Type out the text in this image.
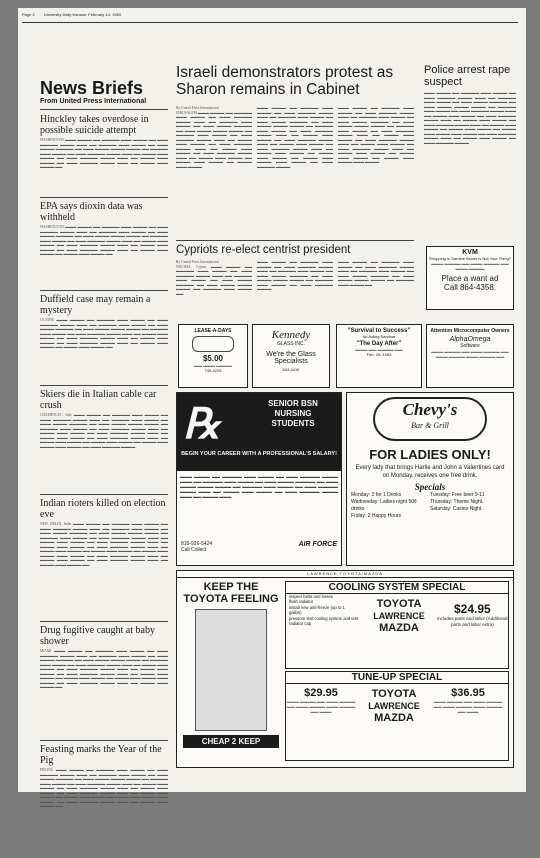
Page 2 University Daily Kansan, February 14, 1983
News Briefs
From United Press International
Hinckley takes overdose in possible suicide attempt
WASHINGTON ▬▬▬ ▬▬▬▬ ▬▬ ▬▬▬▬▬ ▬▬▬ ▬▬▬▬ ▬▬ ▬▬▬ ▬▬▬▬▬ ▬▬▬▬ ▬▬▬ ▬▬ ▬▬▬▬▬ ▬▬▬ ▬▬▬▬ ▬▬ ▬▬▬ ▬▬▬▬ ▬▬▬▬▬ ▬▬ ▬▬▬ ▬▬▬▬ ▬▬▬▬ ▬▬▬▬ ▬▬ ▬▬▬▬▬ ▬▬▬ ▬▬▬▬ ▬▬ ▬▬▬ ▬▬▬▬▬ ▬▬▬▬ ▬▬▬ ▬▬ ▬▬▬▬ ▬▬▬ ▬▬▬▬ ▬▬ ▬▬▬ ▬▬▬▬▬ ▬▬▬▬ ▬▬▬ ▬▬ ▬▬▬▬ ▬▬▬ ▬▬▬▬ ▬▬ ▬▬▬ ▬▬▬▬▬ ▬▬▬▬ ▬▬▬ ▬▬ ▬▬▬▬ ▬▬▬ ▬▬▬▬ ▬▬
EPA says dioxin data was withheld
WASHINGTON ▬▬▬ ▬▬▬▬ ▬▬ ▬▬▬▬▬ ▬▬▬ ▬▬▬▬ ▬▬ ▬▬▬ ▬▬▬▬▬ ▬▬▬▬ ▬▬▬ ▬▬ ▬▬▬▬▬ ▬▬▬ ▬▬▬▬ ▬▬ ▬▬▬ ▬▬▬▬ ▬▬▬▬▬ ▬▬ ▬▬▬ ▬▬▬▬ ▬▬▬▬ ▬▬▬▬ ▬▬ ▬▬▬▬▬ ▬▬▬ ▬▬▬▬ ▬▬ ▬▬▬ ▬▬▬▬▬ ▬▬▬▬ ▬▬▬ ▬▬ ▬▬▬▬ ▬▬▬ ▬▬▬▬ ▬▬ ▬▬▬ ▬▬▬▬▬ ▬▬▬▬ ▬▬▬ ▬▬ ▬▬▬▬ ▬▬▬ ▬▬▬▬ ▬▬ ▬▬▬ ▬▬▬▬▬ ▬▬▬▬ ▬▬▬ ▬▬ ▬▬▬▬ ▬▬▬ ▬▬▬▬ ▬▬ ▬▬▬▬ ▬▬▬ ▬▬▬▬ ▬▬
Duffield case may remain a mystery
OLATHE ▬▬▬ ▬▬▬▬ ▬▬ ▬▬▬▬▬ ▬▬▬ ▬▬▬▬ ▬▬ ▬▬▬ ▬▬▬▬▬ ▬▬▬▬ ▬▬▬ ▬▬ ▬▬▬▬▬ ▬▬▬ ▬▬▬▬ ▬▬ ▬▬▬ ▬▬▬▬ ▬▬▬▬▬ ▬▬ ▬▬▬ ▬▬▬▬ ▬▬▬▬ ▬▬▬▬ ▬▬ ▬▬▬▬▬ ▬▬▬ ▬▬▬▬ ▬▬ ▬▬▬ ▬▬▬▬▬ ▬▬▬▬ ▬▬▬ ▬▬ ▬▬▬▬ ▬▬▬ ▬▬▬▬ ▬▬ ▬▬▬ ▬▬▬▬▬ ▬▬▬▬ ▬▬▬ ▬▬ ▬▬▬▬ ▬▬▬ ▬▬▬▬ ▬▬ ▬▬▬ ▬▬▬▬▬ ▬▬▬▬ ▬▬▬ ▬▬ ▬▬▬▬ ▬▬▬ ▬▬▬▬ ▬▬ ▬▬▬▬ ▬▬▬ ▬▬▬▬ ▬▬
Skiers die in Italian cable car crush
CHAMPOLUC, Italy ▬▬▬ ▬▬▬▬ ▬▬ ▬▬▬▬▬ ▬▬▬ ▬▬▬▬ ▬▬ ▬▬▬ ▬▬▬▬▬ ▬▬▬▬ ▬▬▬ ▬▬ ▬▬▬▬▬ ▬▬▬ ▬▬▬▬ ▬▬ ▬▬▬ ▬▬▬▬ ▬▬▬▬▬ ▬▬ ▬▬▬ ▬▬▬▬ ▬▬▬▬ ▬▬▬▬ ▬▬ ▬▬▬▬▬ ▬▬▬ ▬▬▬▬ ▬▬ ▬▬▬ ▬▬▬▬▬ ▬▬▬▬ ▬▬▬ ▬▬ ▬▬▬▬ ▬▬▬ ▬▬▬▬ ▬▬ ▬▬▬ ▬▬▬▬▬ ▬▬▬▬ ▬▬▬ ▬▬ ▬▬▬▬ ▬▬▬ ▬▬▬▬ ▬▬ ▬▬▬ ▬▬▬▬▬ ▬▬▬▬ ▬▬▬ ▬▬ ▬▬▬▬ ▬▬▬ ▬▬▬▬ ▬▬ ▬▬▬▬ ▬▬▬ ▬▬▬▬ ▬▬ ▬▬▬▬ ▬▬▬ ▬▬▬▬ ▬▬▬ ▬▬▬▬ ▬▬ ▬▬▬ ▬▬▬▬▬ ▬▬▬▬
Indian rioters killed on election eve
NEW DELHI, India ▬▬▬ ▬▬▬▬ ▬▬ ▬▬▬▬▬ ▬▬▬ ▬▬▬▬ ▬▬ ▬▬▬ ▬▬▬▬▬ ▬▬▬▬ ▬▬▬ ▬▬ ▬▬▬▬▬ ▬▬▬ ▬▬▬▬ ▬▬ ▬▬▬ ▬▬▬▬ ▬▬▬▬▬ ▬▬ ▬▬▬ ▬▬▬▬ ▬▬▬▬ ▬▬▬▬ ▬▬ ▬▬▬▬▬ ▬▬▬ ▬▬▬▬ ▬▬ ▬▬▬ ▬▬▬▬▬ ▬▬▬▬ ▬▬▬ ▬▬ ▬▬▬▬ ▬▬▬ ▬▬▬▬ ▬▬ ▬▬▬ ▬▬▬▬▬ ▬▬▬▬ ▬▬▬ ▬▬ ▬▬▬▬ ▬▬▬ ▬▬▬▬ ▬▬ ▬▬▬ ▬▬▬▬▬ ▬▬▬▬ ▬▬▬ ▬▬ ▬▬▬▬ ▬▬▬ ▬▬▬▬ ▬▬ ▬▬▬▬ ▬▬▬ ▬▬▬▬ ▬▬ ▬▬▬▬ ▬▬▬ ▬▬▬▬ ▬▬▬ ▬▬▬▬ ▬▬ ▬▬▬ ▬▬▬▬▬ ▬▬▬▬ ▬▬▬ ▬▬ ▬▬▬▬ ▬▬▬ ▬▬▬▬ ▬▬ ▬▬▬ ▬▬▬▬▬ ▬▬▬▬ ▬▬▬ ▬▬ ▬▬▬▬ ▬▬▬ ▬▬▬▬ ▬▬
Drug fugitive caught at baby shower
MIAMI ▬▬▬ ▬▬▬▬ ▬▬ ▬▬▬▬▬ ▬▬▬ ▬▬▬▬ ▬▬ ▬▬▬ ▬▬▬▬▬ ▬▬▬▬ ▬▬▬ ▬▬ ▬▬▬▬▬ ▬▬▬ ▬▬▬▬ ▬▬ ▬▬▬ ▬▬▬▬ ▬▬▬▬▬ ▬▬ ▬▬▬ ▬▬▬▬ ▬▬▬▬ ▬▬▬▬ ▬▬ ▬▬▬▬▬ ▬▬▬ ▬▬▬▬ ▬▬ ▬▬▬ ▬▬▬▬▬ ▬▬▬▬ ▬▬▬ ▬▬ ▬▬▬▬ ▬▬▬ ▬▬▬▬ ▬▬ ▬▬▬ ▬▬▬▬▬ ▬▬▬▬ ▬▬▬ ▬▬ ▬▬▬▬ ▬▬▬ ▬▬▬▬ ▬▬ ▬▬▬ ▬▬▬▬▬ ▬▬▬▬ ▬▬▬ ▬▬ ▬▬▬▬ ▬▬▬ ▬▬▬▬ ▬▬ ▬▬▬▬ ▬▬▬ ▬▬▬▬ ▬▬ ▬▬▬▬ ▬▬▬ ▬▬▬▬ ▬▬▬ ▬▬▬▬ ▬▬ ▬▬▬ ▬▬▬▬▬ ▬▬▬▬ ▬▬▬ ▬▬ ▬▬▬▬ ▬▬▬ ▬▬▬▬ ▬▬
Feasting marks the Year of the Pig
PEKING ▬▬▬ ▬▬▬▬ ▬▬ ▬▬▬▬▬ ▬▬▬ ▬▬▬▬ ▬▬ ▬▬▬ ▬▬▬▬▬ ▬▬▬▬ ▬▬▬ ▬▬ ▬▬▬▬▬ ▬▬▬ ▬▬▬▬ ▬▬ ▬▬▬ ▬▬▬▬ ▬▬▬▬▬ ▬▬ ▬▬▬ ▬▬▬▬ ▬▬▬▬ ▬▬▬▬ ▬▬ ▬▬▬▬▬ ▬▬▬ ▬▬▬▬ ▬▬ ▬▬▬ ▬▬▬▬▬ ▬▬▬▬ ▬▬▬ ▬▬ ▬▬▬▬ ▬▬▬ ▬▬▬▬ ▬▬ ▬▬▬ ▬▬▬▬▬ ▬▬▬▬ ▬▬▬ ▬▬ ▬▬▬▬ ▬▬▬ ▬▬▬▬ ▬▬ ▬▬▬ ▬▬▬▬▬ ▬▬▬▬ ▬▬▬ ▬▬ ▬▬▬▬ ▬▬▬ ▬▬▬▬ ▬▬ ▬▬▬▬ ▬▬▬ ▬▬▬▬ ▬▬ ▬▬▬▬ ▬▬▬ ▬▬▬▬ ▬▬▬ ▬▬▬▬ ▬▬ ▬▬▬ ▬▬▬▬▬ ▬▬▬▬ ▬▬▬ ▬▬ ▬▬▬▬ ▬▬▬ ▬▬▬▬ ▬▬
Israeli demonstrators protest as Sharon remains in Cabinet
By United Press International
JERUSALEM ▬▬▬ ▬▬▬▬ ▬▬ ▬▬▬▬▬ ▬▬▬ ▬▬▬▬ ▬▬ ▬▬▬ ▬▬▬▬▬ ▬▬▬▬ ▬▬▬ ▬▬ ▬▬▬▬▬ ▬▬▬ ▬▬▬▬ ▬▬ ▬▬▬ ▬▬▬▬ ▬▬▬▬▬ ▬▬ ▬▬▬ ▬▬▬▬ ▬▬▬▬ ▬▬▬▬ ▬▬ ▬▬▬▬▬ ▬▬▬ ▬▬▬▬ ▬▬ ▬▬▬ ▬▬▬▬▬ ▬▬▬▬ ▬▬▬ ▬▬ ▬▬▬▬ ▬▬▬ ▬▬▬▬ ▬▬ ▬▬▬ ▬▬▬▬▬ ▬▬▬▬ ▬▬▬ ▬▬ ▬▬▬▬ ▬▬▬ ▬▬▬▬ ▬▬ ▬▬▬ ▬▬▬▬▬ ▬▬▬▬ ▬▬▬ ▬▬ ▬▬▬▬ ▬▬▬ ▬▬▬▬ ▬▬ ▬▬▬▬ ▬▬▬ ▬▬▬▬ ▬▬ ▬▬▬▬ ▬▬▬ ▬▬▬▬
▬▬▬ ▬▬▬▬ ▬▬ ▬▬▬▬▬ ▬▬▬ ▬▬▬▬ ▬▬ ▬▬▬ ▬▬▬▬▬ ▬▬▬▬ ▬▬▬ ▬▬ ▬▬▬▬▬ ▬▬▬ ▬▬▬▬ ▬▬ ▬▬▬ ▬▬▬▬ ▬▬▬▬▬ ▬▬ ▬▬▬ ▬▬▬▬ ▬▬▬▬ ▬▬▬▬ ▬▬ ▬▬▬▬▬ ▬▬▬ ▬▬▬▬ ▬▬ ▬▬▬ ▬▬▬▬▬ ▬▬▬▬ ▬▬▬ ▬▬ ▬▬▬▬ ▬▬▬ ▬▬▬▬ ▬▬ ▬▬▬ ▬▬▬▬▬ ▬▬▬▬ ▬▬▬ ▬▬ ▬▬▬▬ ▬▬▬ ▬▬▬▬ ▬▬ ▬▬▬ ▬▬▬▬▬ ▬▬▬▬ ▬▬▬ ▬▬ ▬▬▬▬ ▬▬▬ ▬▬▬▬ ▬▬ ▬▬▬▬ ▬▬▬ ▬▬▬▬ ▬▬ ▬▬▬▬ ▬▬▬ ▬▬▬▬ ▬▬▬ ▬▬▬▬ ▬▬ ▬▬▬ ▬▬▬▬▬ ▬▬▬▬
▬▬▬ ▬▬▬▬ ▬▬ ▬▬▬▬▬ ▬▬▬ ▬▬▬▬ ▬▬ ▬▬▬ ▬▬▬▬▬ ▬▬▬▬ ▬▬▬ ▬▬ ▬▬▬▬▬ ▬▬▬ ▬▬▬▬ ▬▬ ▬▬▬ ▬▬▬▬ ▬▬▬▬▬ ▬▬ ▬▬▬ ▬▬▬▬ ▬▬▬▬ ▬▬▬▬ ▬▬ ▬▬▬▬▬ ▬▬▬ ▬▬▬▬ ▬▬ ▬▬▬ ▬▬▬▬▬ ▬▬▬▬ ▬▬▬ ▬▬ ▬▬▬▬ ▬▬▬ ▬▬▬▬ ▬▬ ▬▬▬ ▬▬▬▬▬ ▬▬▬▬ ▬▬▬ ▬▬ ▬▬▬▬ ▬▬▬ ▬▬▬▬ ▬▬ ▬▬▬ ▬▬▬▬▬ ▬▬▬▬ ▬▬▬ ▬▬ ▬▬▬▬ ▬▬▬ ▬▬▬▬ ▬▬ ▬▬▬▬ ▬▬▬ ▬▬▬▬ ▬▬ ▬▬▬▬ ▬▬▬ ▬▬▬▬ ▬▬▬ ▬▬▬▬
Police arrest rape suspect
▬▬▬ ▬▬▬▬ ▬▬ ▬▬▬▬▬ ▬▬▬ ▬▬▬▬ ▬▬ ▬▬▬ ▬▬▬▬▬ ▬▬▬▬ ▬▬▬ ▬▬ ▬▬▬▬▬ ▬▬▬ ▬▬▬▬ ▬▬ ▬▬▬ ▬▬▬▬ ▬▬▬▬▬ ▬▬ ▬▬▬ ▬▬▬▬ ▬▬▬▬ ▬▬▬▬ ▬▬ ▬▬▬▬▬ ▬▬▬ ▬▬▬▬ ▬▬ ▬▬▬ ▬▬▬▬▬ ▬▬▬▬ ▬▬▬ ▬▬ ▬▬▬▬ ▬▬▬ ▬▬▬▬ ▬▬ ▬▬▬ ▬▬▬▬▬ ▬▬▬▬ ▬▬▬ ▬▬ ▬▬▬▬ ▬▬▬ ▬▬▬▬ ▬▬ ▬▬▬ ▬▬▬▬▬ ▬▬▬▬ ▬▬▬ ▬▬ ▬▬▬▬ ▬▬▬ ▬▬▬▬ ▬▬ ▬▬▬▬ ▬▬▬ ▬▬▬▬ ▬▬ ▬▬▬▬ ▬▬▬ ▬▬▬▬ ▬▬▬ ▬▬▬▬ ▬▬ ▬▬▬ ▬▬▬▬▬ ▬▬▬▬ ▬▬▬ ▬▬ ▬▬▬▬ ▬▬▬ ▬▬▬▬ ▬▬ ▬▬▬ ▬▬▬▬▬ ▬▬▬▬
KVM
Shopping in Sardine Boxes is Not Your Thing?
▬▬▬ ▬▬▬▬ ▬▬ ▬▬▬ ▬▬▬▬ ▬▬ ▬▬▬ ▬▬▬▬
Place a want ad
Call 864-4358.
Cypriots re-elect centrist president
By United Press International
NICOSIA, Cyprus ▬▬▬ ▬▬▬▬ ▬▬ ▬▬▬▬▬ ▬▬▬ ▬▬▬▬ ▬▬ ▬▬▬ ▬▬▬▬▬ ▬▬▬▬ ▬▬▬ ▬▬ ▬▬▬▬▬ ▬▬▬ ▬▬▬▬ ▬▬ ▬▬▬ ▬▬▬▬ ▬▬▬▬▬ ▬▬ ▬▬▬ ▬▬▬▬ ▬▬▬▬ ▬▬▬▬ ▬▬ ▬▬▬▬▬ ▬▬▬ ▬▬▬▬ ▬▬
▬▬▬ ▬▬▬▬ ▬▬ ▬▬▬▬▬ ▬▬▬ ▬▬▬▬ ▬▬ ▬▬▬ ▬▬▬▬▬ ▬▬▬▬ ▬▬▬ ▬▬ ▬▬▬▬▬ ▬▬▬ ▬▬▬▬ ▬▬ ▬▬▬ ▬▬▬▬ ▬▬▬▬▬ ▬▬ ▬▬▬ ▬▬▬▬ ▬▬▬▬ ▬▬▬▬ ▬▬ ▬▬▬▬▬ ▬▬▬ ▬▬▬▬ ▬▬ ▬▬▬ ▬▬▬▬▬ ▬▬▬▬
▬▬▬ ▬▬▬▬ ▬▬ ▬▬▬▬▬ ▬▬▬ ▬▬▬▬ ▬▬ ▬▬▬ ▬▬▬▬▬ ▬▬▬▬ ▬▬▬ ▬▬ ▬▬▬▬▬ ▬▬▬ ▬▬▬▬ ▬▬ ▬▬▬ ▬▬▬▬ ▬▬▬▬▬ ▬▬ ▬▬▬ ▬▬▬▬ ▬▬▬▬ ▬▬▬▬ ▬▬ ▬▬▬▬▬ ▬▬▬ ▬▬▬▬ ▬▬
LEASE-A-DAYS
$5.00
▬▬ ▬▬▬ ▬▬▬▬
749-4225
Kennedy
GLASS INC.
We're the Glass Specialists
843-4416
"Survival to Success"
An Acting Seminar
"The Day After"
▬▬▬ ▬▬ ▬▬▬▬ ▬▬
Feb. 26, 1983
Attention Microcomputer Owners
AlphaOmega
Software
▬▬▬ ▬▬▬▬ ▬▬ ▬▬▬ ▬▬▬▬ ▬▬ ▬▬▬ ▬▬▬▬ ▬▬▬ ▬▬▬▬ ▬▬
℞	SENIOR BSN
NURSING
STUDENTS
BEGIN YOUR CAREER WITH A PROFESSIONAL'S SALARY!
▬▬▬ ▬▬▬▬ ▬▬ ▬▬▬▬▬ ▬▬▬ ▬▬▬▬ ▬▬ ▬▬▬ ▬▬▬▬▬ ▬▬▬▬ ▬▬▬ ▬▬ ▬▬▬▬▬ ▬▬▬ ▬▬▬▬ ▬▬ ▬▬▬ ▬▬▬▬ ▬▬▬▬▬ ▬▬ ▬▬▬ ▬▬▬▬ ▬▬▬▬ ▬▬▬▬ ▬▬ ▬▬▬▬▬ ▬▬▬ ▬▬▬▬ ▬▬ ▬▬▬ ▬▬▬▬▬ ▬▬▬▬ ▬▬▬ ▬▬ ▬▬▬▬ ▬▬▬ ▬▬▬▬ ▬▬ ▬▬▬ ▬▬▬▬▬ ▬▬▬▬ ▬▬▬ ▬▬ ▬▬▬▬ ▬▬▬
816-926-5424
Call Collect
AIR FORCE
Chevy's
Bar & Grill
FOR LADIES ONLY!
Every lady that brings Harlie and John a Valentines card on Monday, receives one free drink.
Specials
Monday: 2 for 1 Drinks
Wednesday: Ladies night 50¢ drinks
Friday: 2 Happy Hours
Tuesday: Free beer 9-11
Thursday: Theme Night.
Saturday: Casino Night.
LAWRENCE TOYOTA/MAZDA
KEEP THE TOYOTA FEELING
CHEAP 2 KEEP
COOLING SYSTEM SPECIAL
inspect belts and hoses
flush radiator
install new anti-freeze (up to 1 gallon)
pressure test cooling system and test radiator cap
TOYOTA
LAWRENCE
MAZDA
$24.95
includes parts and labor (Additional parts and labor extra)
TUNE-UP SPECIAL
$29.95
▬▬▬ ▬▬▬▬ ▬▬ ▬▬▬ ▬▬▬▬ ▬▬ ▬▬▬ ▬▬▬▬ ▬▬▬ ▬▬▬▬ ▬▬ ▬▬▬
TOYOTA
LAWRENCE
MAZDA
$36.95
▬▬▬ ▬▬▬▬ ▬▬ ▬▬▬ ▬▬▬▬ ▬▬ ▬▬▬ ▬▬▬▬ ▬▬▬ ▬▬▬▬ ▬▬ ▬▬▬
